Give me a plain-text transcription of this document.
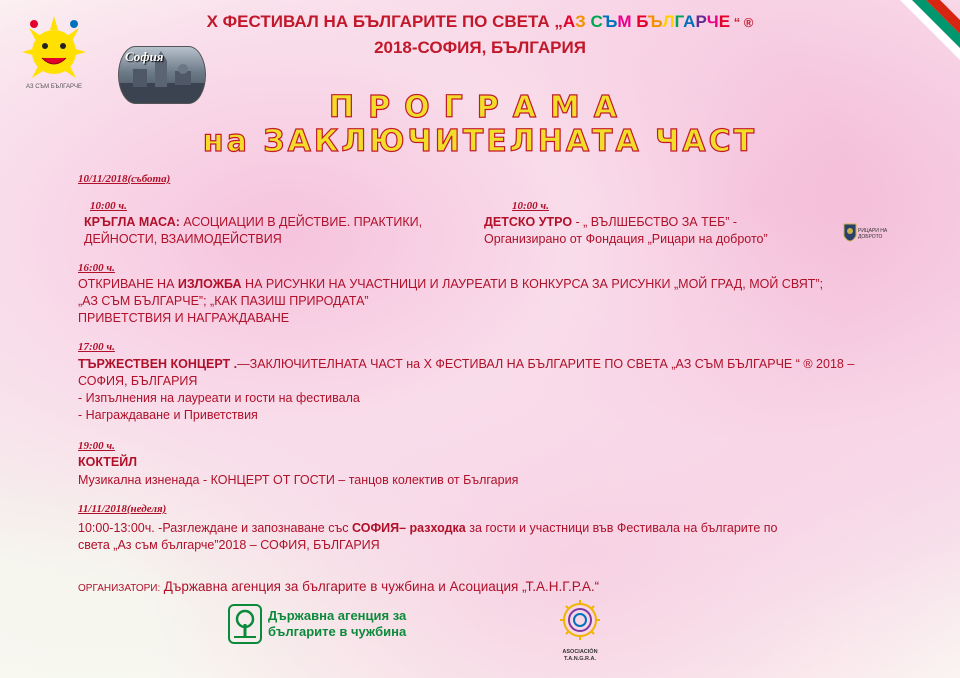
АЗ СЪМ БЪЛГАРЧЕ
София
X ФЕСТИВАЛ НА БЪЛГАРИТЕ ПО СВЕТА „АЗ СЪМ БЪЛГАРЧЕ “ ®
2018-СОФИЯ, БЪЛГАРИЯ
ПРОГРАМА
на ЗАКЛЮЧИТЕЛНАТА ЧАСТ
10/11/2018(събота)
10:00 ч.
КРЪГЛА МАСА: АСОЦИАЦИИ В ДЕЙСТВИЕ. ПРАКТИКИ,
ДЕЙНОСТИ, ВЗАИМОДЕЙСТВИЯ
10:00 ч.
ДЕТСКО УТРО - „ ВЪЛШЕБСТВО ЗА ТЕБ” -
Организирано от Фондация „Рицари на доброто”
РИЦАРИ НА ДОБРОТО
16:00 ч.
ОТКРИВАНЕ НА ИЗЛОЖБА НА РИСУНКИ НА УЧАСТНИЦИ И ЛАУРЕАТИ В КОНКУРСА ЗА РИСУНКИ „МОЙ ГРАД, МОЙ СВЯТ”;
„АЗ СЪМ БЪЛГАРЧЕ”; „КАК ПАЗИШ ПРИРОДАТА”
ПРИВЕТСТВИЯ И НАГРАЖДАВАНЕ
17:00 ч.
ТЪРЖЕСТВЕН КОНЦЕРТ .—ЗАКЛЮЧИТЕЛНАТА ЧАСТ на Х ФЕСТИВАЛ НА БЪЛГАРИТЕ ПО СВЕТА „АЗ СЪМ БЪЛГАРЧЕ “ ® 2018 –
СОФИЯ, БЪЛГАРИЯ
- Изпълнения на лауреати и гости на фестивала
- Награждаване и Приветствия
19:00 ч.
КОКТЕЙЛ
Музикална изненада - КОНЦЕРТ ОТ ГОСТИ – танцов колектив от България
11/11/2018(неделя)
10:00-13:00ч. -Разглеждане и запознаване със СОФИЯ– разходка за гости и участници във Фестивала на българите по
света „Аз съм българче”2018 – СОФИЯ, БЪЛГАРИЯ
ОРГАНИЗАТОРИ: Държавна агенция за българите в чужбина и Асоциация „Т.А.Н.Г.Р.А.“
Държавна агенция за
българите в чужбина
ASOCIACIÓN
T.A.N.G.R.A.
